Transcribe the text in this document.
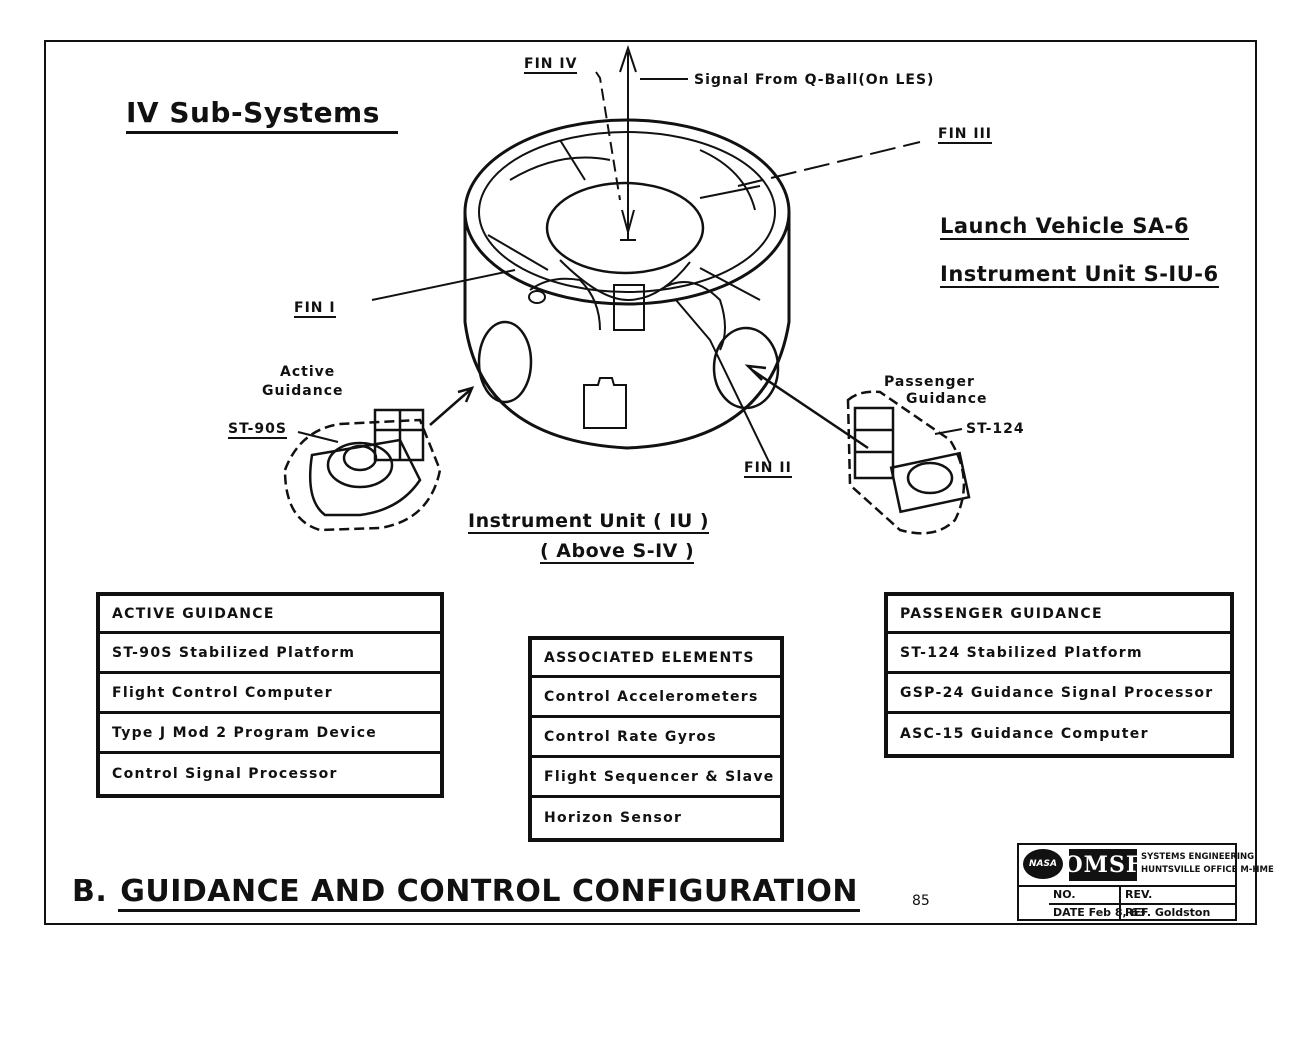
IV Sub-Systems
Launch Vehicle SA-6
Instrument Unit S-IU-6
FIN IV
Signal From Q-Ball(On LES)
FIN III
FIN I
FIN II
Active
Guidance
ST-90S
Passenger
Guidance
ST-124
Instrument Unit ( IU )
( Above S-IV )
ACTIVE GUIDANCE
ST-90S Stabilized Platform
Flight Control Computer
Type J Mod 2 Program Device
Control Signal Processor
ASSOCIATED ELEMENTS
Control Accelerometers
Control Rate Gyros
Flight Sequencer & Slave
Horizon Sensor
PASSENGER GUIDANCE
ST-124 Stabilized Platform
GSP-24 Guidance Signal Processor
ASC-15 Guidance Computer
B. GUIDANCE AND CONTROL CONFIGURATION	85
NASA OMSF
SYSTEMS ENGINEERING
HUNTSVILLE OFFICE M-HME
NO.	REV.
DATE Feb 8, 63
REF. Goldston
